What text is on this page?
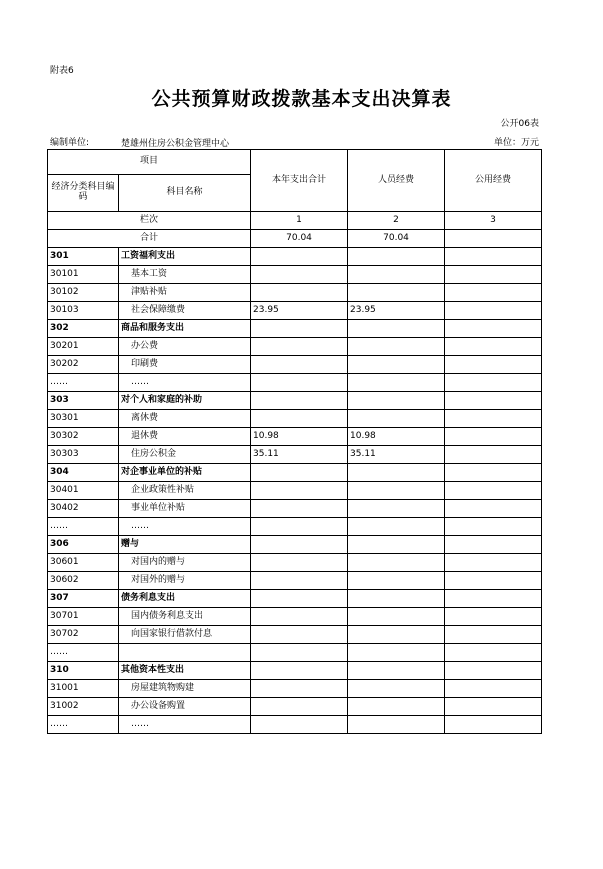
附表6
公共预算财政拨款基本支出决算表
公开06表
编制单位:	楚雄州住房公积金管理中心	单位：万元
项目		本年支出合计	人员经费	公用经费
经济分类科目编码	科目名称			
栏次		1	2	3
合计		70.04	70.04	
301	工资福利支出			
30101	基本工资			
30102	津贴补贴			
30103	社会保障缴费	23.95	23.95	
302	商品和服务支出			
30201	办公费			
30202	印刷费			
……	……			
303	对个人和家庭的补助			
30301	离休费			
30302	退休费	10.98	10.98	
30303	住房公积金	35.11	35.11	
304	对企事业单位的补贴			
30401	企业政策性补贴			
30402	事业单位补贴			
……	……			
306	赠与			
30601	对国内的赠与			
30602	对国外的赠与			
307	债务利息支出			
30701	国内债务利息支出			
30702	向国家银行借款付息			
……				
310	其他资本性支出			
31001	房屋建筑物购建			
31002	办公设备购置			
……	……			
